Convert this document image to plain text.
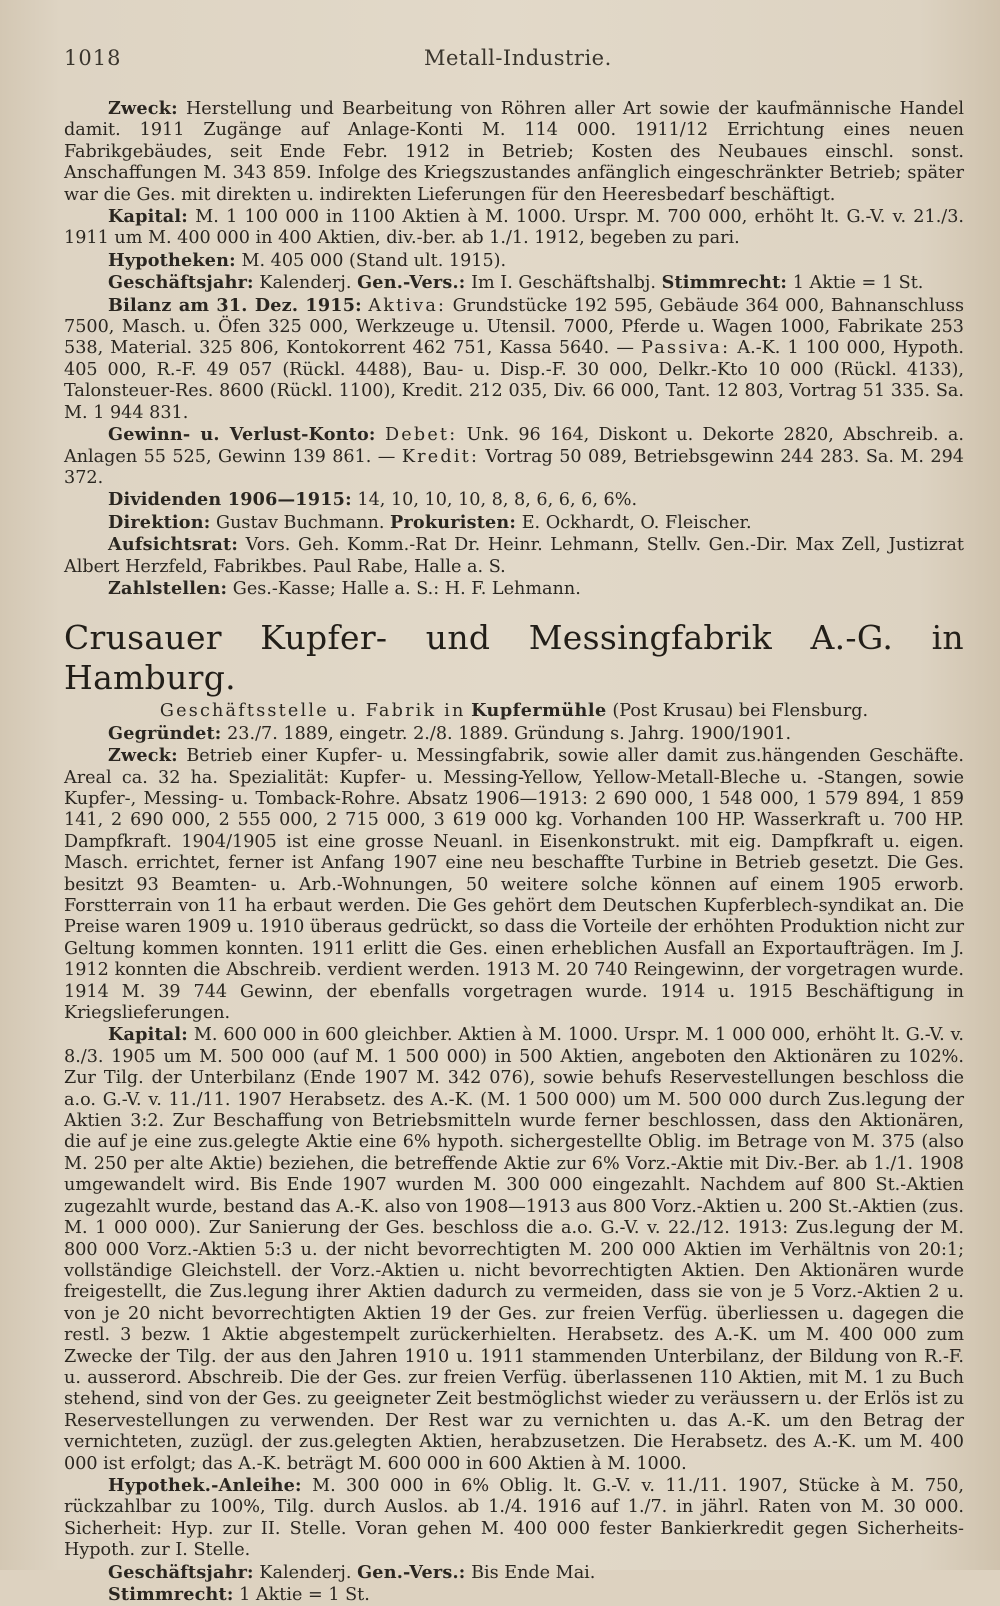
1018	Metall-Industrie.

Zweck: Herstellung und Bearbeitung von Röhren aller Art sowie der kaufmännische Handel damit. 1911 Zugänge auf Anlage-Konti M. 114 000. 1911/12 Errichtung eines neuen Fabrikgebäudes, seit Ende Febr. 1912 in Betrieb; Kosten des Neubaues einschl. sonst. Anschaffungen M. 343 859. Infolge des Kriegszustandes anfänglich eingeschränkter Betrieb; später war die Ges. mit direkten u. indirekten Lieferungen für den Heeresbedarf beschäftigt.

Kapital: M. 1 100 000 in 1100 Aktien à M. 1000. Urspr. M. 700 000, erhöht lt. G.-V. v. 21./3. 1911 um M. 400 000 in 400 Aktien, div.-ber. ab 1./1. 1912, begeben zu pari.

Hypotheken: M. 405 000 (Stand ult. 1915).

Geschäftsjahr: Kalenderj. Gen.-Vers.: Im I. Geschäftshalbj. Stimmrecht: 1 Aktie = 1 St.

Bilanz am 31. Dez. 1915: Aktiva: Grundstücke 192 595, Gebäude 364 000, Bahnanschluss 7500, Masch. u. Öfen 325 000, Werkzeuge u. Utensil. 7000, Pferde u. Wagen 1000, Fabrikate 253 538, Material. 325 806, Kontokorrent 462 751, Kassa 5640. — Passiva: A.-K. 1 100 000, Hypoth. 405 000, R.-F. 49 057 (Rückl. 4488), Bau- u. Disp.-F. 30 000, Delkr.-Kto 10 000 (Rückl. 4133), Talonsteuer-Res. 8600 (Rückl. 1100), Kredit. 212 035, Div. 66 000, Tant. 12 803, Vortrag 51 335. Sa. M. 1 944 831.

Gewinn- u. Verlust-Konto: Debet: Unk. 96 164, Diskont u. Dekorte 2820, Abschreib. a. Anlagen 55 525, Gewinn 139 861. — Kredit: Vortrag 50 089, Betriebsgewinn 244 283. Sa. M. 294 372.

Dividenden 1906—1915: 14, 10, 10, 10, 8, 8, 6, 6, 6, 6%.

Direktion: Gustav Buchmann. Prokuristen: E. Ockhardt, O. Fleischer.

Aufsichtsrat: Vors. Geh. Komm.-Rat Dr. Heinr. Lehmann, Stellv. Gen.-Dir. Max Zell, Justizrat Albert Herzfeld, Fabrikbes. Paul Rabe, Halle a. S.

Zahlstellen: Ges.-Kasse; Halle a. S.: H. F. Lehmann.

Crusauer Kupfer- und Messingfabrik A.-G. in Hamburg.

Geschäftsstelle u. Fabrik in Kupfermühle (Post Krusau) bei Flensburg.

Gegründet: 23./7. 1889, eingetr. 2./8. 1889. Gründung s. Jahrg. 1900/1901.

Zweck: Betrieb einer Kupfer- u. Messingfabrik, sowie aller damit zus.hängenden Geschäfte. Areal ca. 32 ha. Spezialität: Kupfer- u. Messing-Yellow, Yellow-Metall-Bleche u. -Stangen, sowie Kupfer-, Messing- u. Tomback-Rohre. Absatz 1906—1913: 2 690 000, 1 548 000, 1 579 894, 1 859 141, 2 690 000, 2 555 000, 2 715 000, 3 619 000 kg. Vorhanden 100 HP. Wasserkraft u. 700 HP. Dampfkraft. 1904/1905 ist eine grosse Neuanl. in Eisenkonstrukt. mit eig. Dampfkraft u. eigen. Masch. errichtet, ferner ist Anfang 1907 eine neu beschaffte Turbine in Betrieb gesetzt. Die Ges. besitzt 93 Beamten- u. Arb.-Wohnungen, 50 weitere solche können auf einem 1905 erworb. Forstterrain von 11 ha erbaut werden. Die Ges gehört dem Deutschen Kupferblech-syndikat an. Die Preise waren 1909 u. 1910 überaus gedrückt, so dass die Vorteile der erhöhten Produktion nicht zur Geltung kommen konnten. 1911 erlitt die Ges. einen erheblichen Ausfall an Exportaufträgen. Im J. 1912 konnten die Abschreib. verdient werden. 1913 M. 20 740 Reingewinn, der vorgetragen wurde. 1914 M. 39 744 Gewinn, der ebenfalls vorgetragen wurde. 1914 u. 1915 Beschäftigung in Kriegslieferungen.

Kapital: M. 600 000 in 600 gleichber. Aktien à M. 1000. Urspr. M. 1 000 000, erhöht lt. G.-V. v. 8./3. 1905 um M. 500 000 (auf M. 1 500 000) in 500 Aktien, angeboten den Aktionären zu 102%. Zur Tilg. der Unterbilanz (Ende 1907 M. 342 076), sowie behufs Reservestellungen beschloss die a.o. G.-V. v. 11./11. 1907 Herabsetz. des A.-K. (M. 1 500 000) um M. 500 000 durch Zus.legung der Aktien 3:2. Zur Beschaffung von Betriebsmitteln wurde ferner beschlossen, dass den Aktionären, die auf je eine zus.gelegte Aktie eine 6% hypoth. sichergestellte Oblig. im Betrage von M. 375 (also M. 250 per alte Aktie) beziehen, die betreffende Aktie zur 6% Vorz.-Aktie mit Div.-Ber. ab 1./1. 1908 umgewandelt wird. Bis Ende 1907 wurden M. 300 000 eingezahlt. Nachdem auf 800 St.-Aktien zugezahlt wurde, bestand das A.-K. also von 1908—1913 aus 800 Vorz.-Aktien u. 200 St.-Aktien (zus. M. 1 000 000). Zur Sanierung der Ges. beschloss die a.o. G.-V. v. 22./12. 1913: Zus.legung der M. 800 000 Vorz.-Aktien 5:3 u. der nicht bevorrechtigten M. 200 000 Aktien im Verhältnis von 20:1; vollständige Gleichstell. der Vorz.-Aktien u. nicht bevorrechtigten Aktien. Den Aktionären wurde freigestellt, die Zus.legung ihrer Aktien dadurch zu vermeiden, dass sie von je 5 Vorz.-Aktien 2 u. von je 20 nicht bevorrechtigten Aktien 19 der Ges. zur freien Verfüg. überliessen u. dagegen die restl. 3 bezw. 1 Aktie abgestempelt zurückerhielten. Herabsetz. des A.-K. um M. 400 000 zum Zwecke der Tilg. der aus den Jahren 1910 u. 1911 stammenden Unterbilanz, der Bildung von R.-F. u. ausserord. Abschreib. Die der Ges. zur freien Verfüg. überlassenen 110 Aktien, mit M. 1 zu Buch stehend, sind von der Ges. zu geeigneter Zeit bestmöglichst wieder zu veräussern u. der Erlös ist zu Reservestellungen zu verwenden. Der Rest war zu vernichten u. das A.-K. um den Betrag der vernichteten, zuzügl. der zus.gelegten Aktien, herabzusetzen. Die Herabsetz. des A.-K. um M. 400 000 ist erfolgt; das A.-K. beträgt M. 600 000 in 600 Aktien à M. 1000.

Hypothek.-Anleihe: M. 300 000 in 6% Oblig. lt. G.-V. v. 11./11. 1907, Stücke à M. 750, rückzahlbar zu 100%, Tilg. durch Auslos. ab 1./4. 1916 auf 1./7. in jährl. Raten von M. 30 000. Sicherheit: Hyp. zur II. Stelle. Voran gehen M. 400 000 fester Bankierkredit gegen Sicherheits-Hypoth. zur I. Stelle.

Geschäftsjahr: Kalenderj. Gen.-Vers.: Bis Ende Mai.

Stimmrecht: 1 Aktie = 1 St.
